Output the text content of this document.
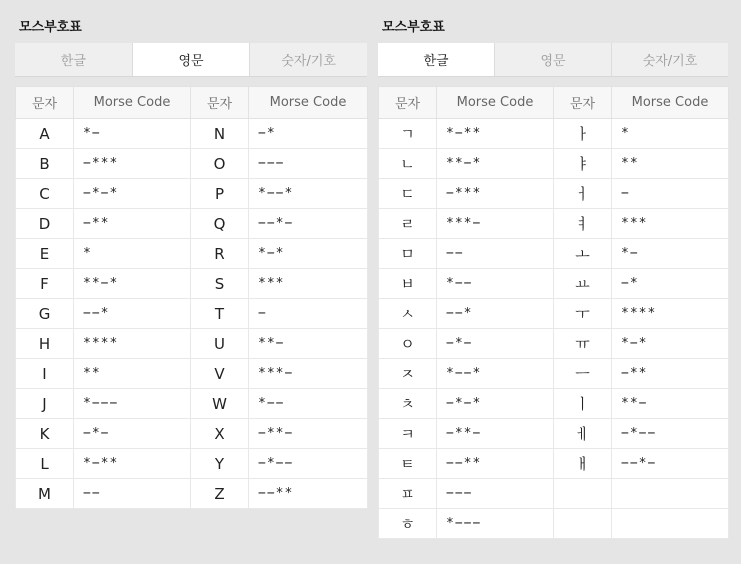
모스부호표
한글	영문	숫자/기호
문자	Morse Code	문자	Morse Code
A	*−	N	−*
B	−***	O	−−−
C	−*−*	P	*−−*
D	−**	Q	−−*−
E	*	R	*−*
F	**−*	S	***
G	−−*	T	−
H	****	U	**−
I	**	V	***−
J	*−−−	W	*−−
K	−*−	X	−**−
L	*−**	Y	−*−−
M	−−	Z	−−**
모스부호표
한글	영문	숫자/기호
문자	Morse Code	문자	Morse Code
ㄱ	*−**	ㅏ	*
ㄴ	**−*	ㅑ	**
ㄷ	−***	ㅓ	−
ㄹ	***−	ㅕ	***
ㅁ	−−	ㅗ	*−
ㅂ	*−−	ㅛ	−*
ㅅ	−−*	ㅜ	****
ㅇ	−*−	ㅠ	*−*
ㅈ	*−−*	ㅡ	−**
ㅊ	−*−*	ㅣ	**−
ㅋ	−**−	ㅔ	−*−−
ㅌ	−−**	ㅐ	−−*−
ㅍ	−−−		
ㅎ	*−−−		
